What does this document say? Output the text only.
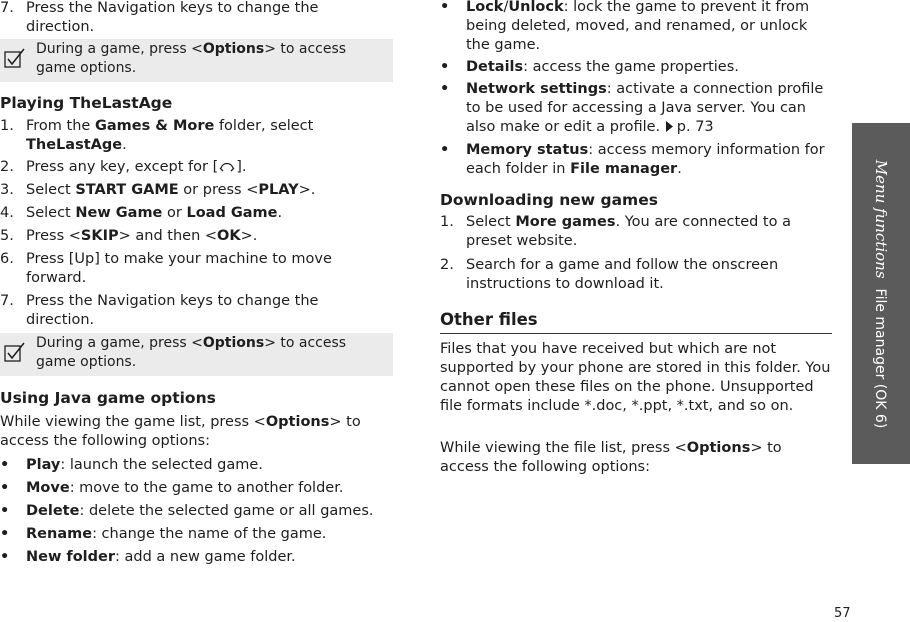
7. Press the Navigation keys to change the direction.
During a game, press <Options> to access game options.
Playing TheLastAge
1. From the Games & More folder, select TheLastAge.
2. Press any key, except for [ ].
3. Select START GAME or press <PLAY>.
4. Select New Game or Load Game.
5. Press <SKIP> and then <OK>.
6. Press [Up] to make your machine to move forward.
7. Press the Navigation keys to change the direction.
During a game, press <Options> to access game options.
Using Java game options
While viewing the game list, press <Options> to access the following options:
• Play: launch the selected game.
• Move: move to the game to another folder.
• Delete: delete the selected game or all games.
• Rename: change the name of the game.
• New folder: add a new game folder.
• Lock/Unlock: lock the game to prevent it from being deleted, moved, and renamed, or unlock the game.
• Details: access the game properties.
• Network settings: activate a connection profile to be used for accessing a Java server. You can also make or edit a profile. p. 73
• Memory status: access memory information for each folder in File manager.
Downloading new games
1. Select More games. You are connected to a preset website.
2. Search for a game and follow the onscreen instructions to download it.
Other files
Files that you have received but which are not supported by your phone are stored in this folder. You cannot open these files on the phone. Unsupported file formats include *.doc, *.ppt, *.txt, and so on.
While viewing the file list, press <Options> to access the following options:
Menu functionsFile manager (OK 6)
57
